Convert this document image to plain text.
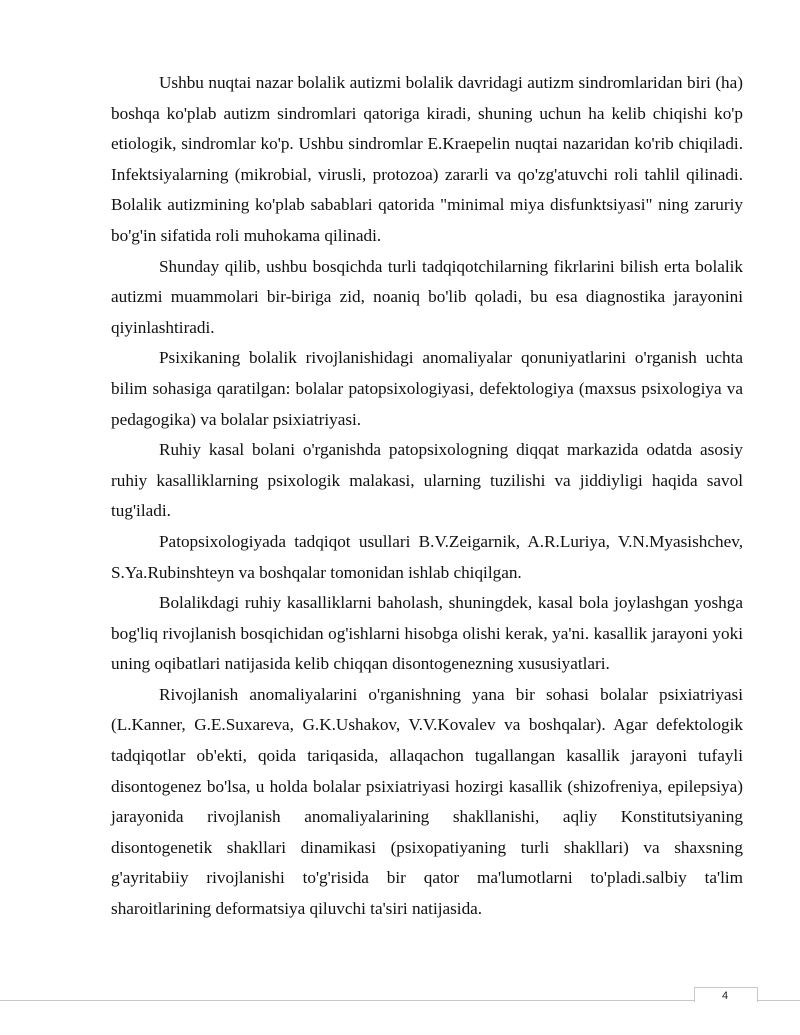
Ushbu nuqtai nazar bolalik autizmi bolalik davridagi autizm sindromlaridan biri (ha) boshqa ko'plab autizm sindromlari qatoriga kiradi, shuning uchun ha kelib chiqishi ko'p etiologik, sindromlar ko'p. Ushbu sindromlar E.Kraepelin nuqtai nazaridan ko'rib chiqiladi. Infektsiyalarning (mikrobial, virusli, protozoa) zararli va qo'zg'atuvchi roli tahlil qilinadi. Bolalik autizmining ko'plab sabablari qatorida "minimal miya disfunktsiyasi" ning zaruriy bo'g'in sifatida roli muhokama qilinadi.

Shunday qilib, ushbu bosqichda turli tadqiqotchilarning fikrlarini bilish erta bolalik autizmi muammolari bir-biriga zid, noaniq bo'lib qoladi, bu esa diagnostika jarayonini qiyinlashtiradi.

Psixikaning bolalik rivojlanishidagi anomaliyalar qonuniyatlarini o'rganish uchta bilim sohasiga qaratilgan: bolalar patopsixologiyasi, defektologiya (maxsus psixologiya va pedagogika) va bolalar psixiatriyasi.

Ruhiy kasal bolani o'rganishda patopsixologning diqqat markazida odatda asosiy ruhiy kasalliklarning psixologik malakasi, ularning tuzilishi va jiddiyligi haqida savol tug'iladi.

Patopsixologiyada tadqiqot usullari B.V.Zeigarnik, A.R.Luriya, V.N.Myasishchev, S.Ya.Rubinshteyn va boshqalar tomonidan ishlab chiqilgan.

Bolalikdagi ruhiy kasalliklarni baholash, shuningdek, kasal bola joylashgan yoshga bog'liq rivojlanish bosqichidan og'ishlarni hisobga olishi kerak, ya'ni. kasallik jarayoni yoki uning oqibatlari natijasida kelib chiqqan disontogenezning xususiyatlari.

Rivojlanish anomaliyalarini o'rganishning yana bir sohasi bolalar psixiatriyasi (L.Kanner, G.E.Suxareva, G.K.Ushakov, V.V.Kovalev va boshqalar). Agar defektologik tadqiqotlar ob'ekti, qoida tariqasida, allaqachon tugallangan kasallik jarayoni tufayli disontogenez bo'lsa, u holda bolalar psixiatriyasi hozirgi kasallik (shizofreniya, epilepsiya) jarayonida rivojlanish anomaliyalarining shakllanishi, aqliy Konstitutsiyaning disontogenetik shakllari dinamikasi (psixopatiyaning turli shakllari) va shaxsning g'ayritabiiy rivojlanishi to'g'risida bir qator ma'lumotlarni to'pladi.salbiy ta'lim sharoitlarining deformatsiya qiluvchi ta'siri natijasida.

4
